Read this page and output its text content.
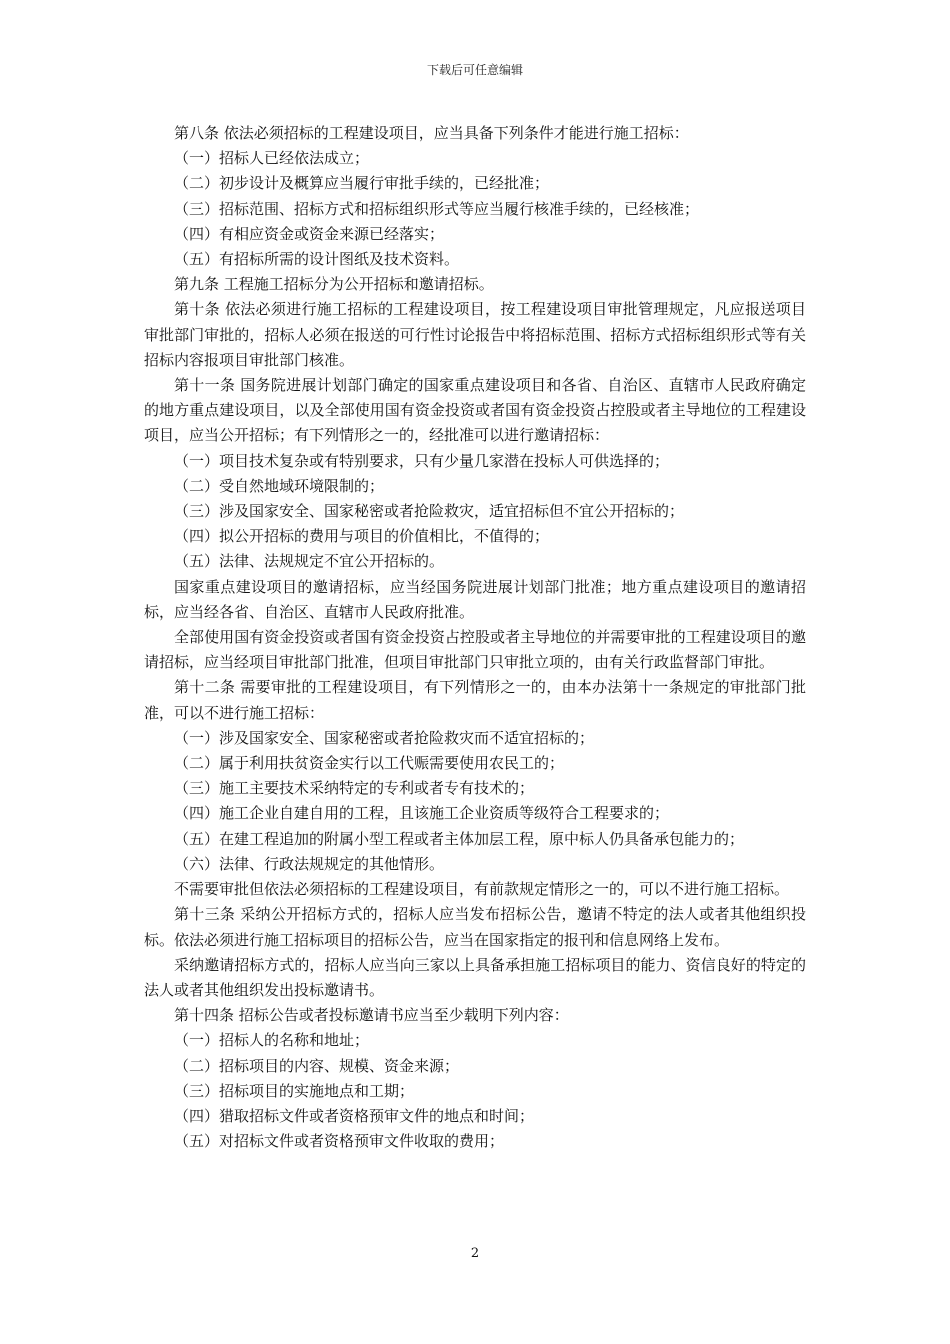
下载后可任意编辑

第八条 依法必须招标的工程建设项目，应当具备下列条件才能进行施工招标：

（一）招标人已经依法成立；

（二）初步设计及概算应当履行审批手续的，已经批准；

（三）招标范围、招标方式和招标组织形式等应当履行核准手续的，已经核准；

（四）有相应资金或资金来源已经落实；

（五）有招标所需的设计图纸及技术资料。

第九条 工程施工招标分为公开招标和邀请招标。

第十条 依法必须进行施工招标的工程建设项目，按工程建设项目审批管理规定，凡应报送项目审批部门审批的，招标人必须在报送的可行性讨论报告中将招标范围、招标方式招标组织形式等有关招标内容报项目审批部门核准。

第十一条 国务院进展计划部门确定的国家重点建设项目和各省、自治区、直辖市人民政府确定的地方重点建设项目，以及全部使用国有资金投资或者国有资金投资占控股或者主导地位的工程建设项目，应当公开招标；有下列情形之一的，经批准可以进行邀请招标：

（一）项目技术复杂或有特别要求，只有少量几家潜在投标人可供选择的；

（二）受自然地域环境限制的；

（三）涉及国家安全、国家秘密或者抢险救灾，适宜招标但不宜公开招标的；

（四）拟公开招标的费用与项目的价值相比，不值得的；

（五）法律、法规规定不宜公开招标的。

国家重点建设项目的邀请招标，应当经国务院进展计划部门批准；地方重点建设项目的邀请招标，应当经各省、自治区、直辖市人民政府批准。

全部使用国有资金投资或者国有资金投资占控股或者主导地位的并需要审批的工程建设项目的邀请招标，应当经项目审批部门批准，但项目审批部门只审批立项的，由有关行政监督部门审批。

第十二条 需要审批的工程建设项目，有下列情形之一的，由本办法第十一条规定的审批部门批准，可以不进行施工招标：

（一）涉及国家安全、国家秘密或者抢险救灾而不适宜招标的；

（二）属于利用扶贫资金实行以工代赈需要使用农民工的；

（三）施工主要技术采纳特定的专利或者专有技术的；

（四）施工企业自建自用的工程，且该施工企业资质等级符合工程要求的；

（五）在建工程追加的附属小型工程或者主体加层工程，原中标人仍具备承包能力的；

（六）法律、行政法规规定的其他情形。

不需要审批但依法必须招标的工程建设项目，有前款规定情形之一的，可以不进行施工招标。

第十三条 采纳公开招标方式的，招标人应当发布招标公告，邀请不特定的法人或者其他组织投标。依法必须进行施工招标项目的招标公告，应当在国家指定的报刊和信息网络上发布。

采纳邀请招标方式的，招标人应当向三家以上具备承担施工招标项目的能力、资信良好的特定的法人或者其他组织发出投标邀请书。

第十四条 招标公告或者投标邀请书应当至少载明下列内容：

（一）招标人的名称和地址；

（二）招标项目的内容、规模、资金来源；

（三）招标项目的实施地点和工期；

（四）猎取招标文件或者资格预审文件的地点和时间；

（五）对招标文件或者资格预审文件收取的费用；

2
